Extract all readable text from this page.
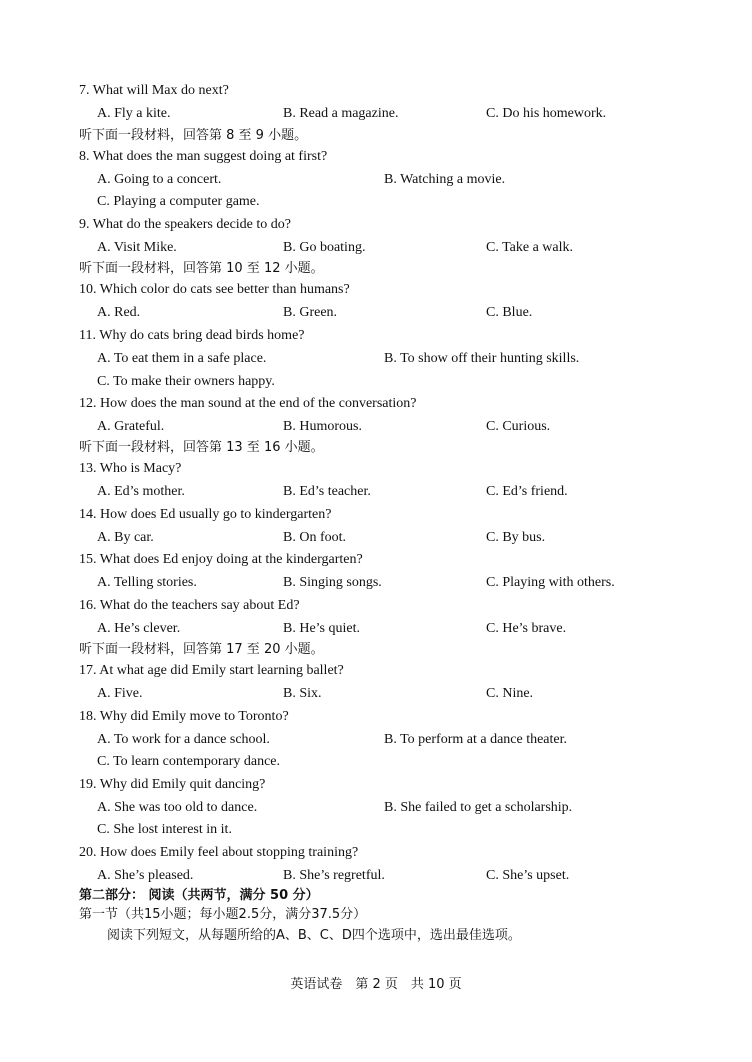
7. What will Max do next?
A. Fly a kite.	B. Read a magazine.	C. Do his homework.
听下面一段材料，回答第 8 至 9 小题。
8. What does the man suggest doing at first?
A. Going to a concert.	B. Watching a movie.
C. Playing a computer game.
9. What do the speakers decide to do?
A. Visit Mike.	B. Go boating.	C. Take a walk.
听下面一段材料，回答第 10 至 12 小题。
10. Which color do cats see better than humans?
A. Red.	B. Green.	C. Blue.
11. Why do cats bring dead birds home?
A. To eat them in a safe place.	B. To show off their hunting skills.
C. To make their owners happy.
12. How does the man sound at the end of the conversation?
A. Grateful.	B. Humorous.	C. Curious.
听下面一段材料，回答第 13 至 16 小题。
13. Who is Macy?
A. Ed’s mother.	B. Ed’s teacher.	C. Ed’s friend.
14. How does Ed usually go to kindergarten?
A. By car.	B. On foot.	C. By bus.
15. What does Ed enjoy doing at the kindergarten?
A. Telling stories.	B. Singing songs.	C. Playing with others.
16. What do the teachers say about Ed?
A. He’s clever.	B. He’s quiet.	C. He’s brave.
听下面一段材料，回答第 17 至 20 小题。
17. At what age did Emily start learning ballet?
A. Five.	B. Six.	C. Nine.
18. Why did Emily move to Toronto?
A. To work for a dance school.	B. To perform at a dance theater.
C. To learn contemporary dance.
19. Why did Emily quit dancing?
A. She was too old to dance.	B. She failed to get a scholarship.
C. She lost interest in it.
20. How does Emily feel about stopping training?
A. She’s pleased.	B. She’s regretful.	C. She’s upset.
第二部分： 阅读（共两节，满分 50 分）
第一节（共15小题；每小题2.5分，满分37.5分）
阅读下列短文，从每题所给的A、B、C、D四个选项中，选出最佳选项。
英语试卷　第 2 页　共 10 页
